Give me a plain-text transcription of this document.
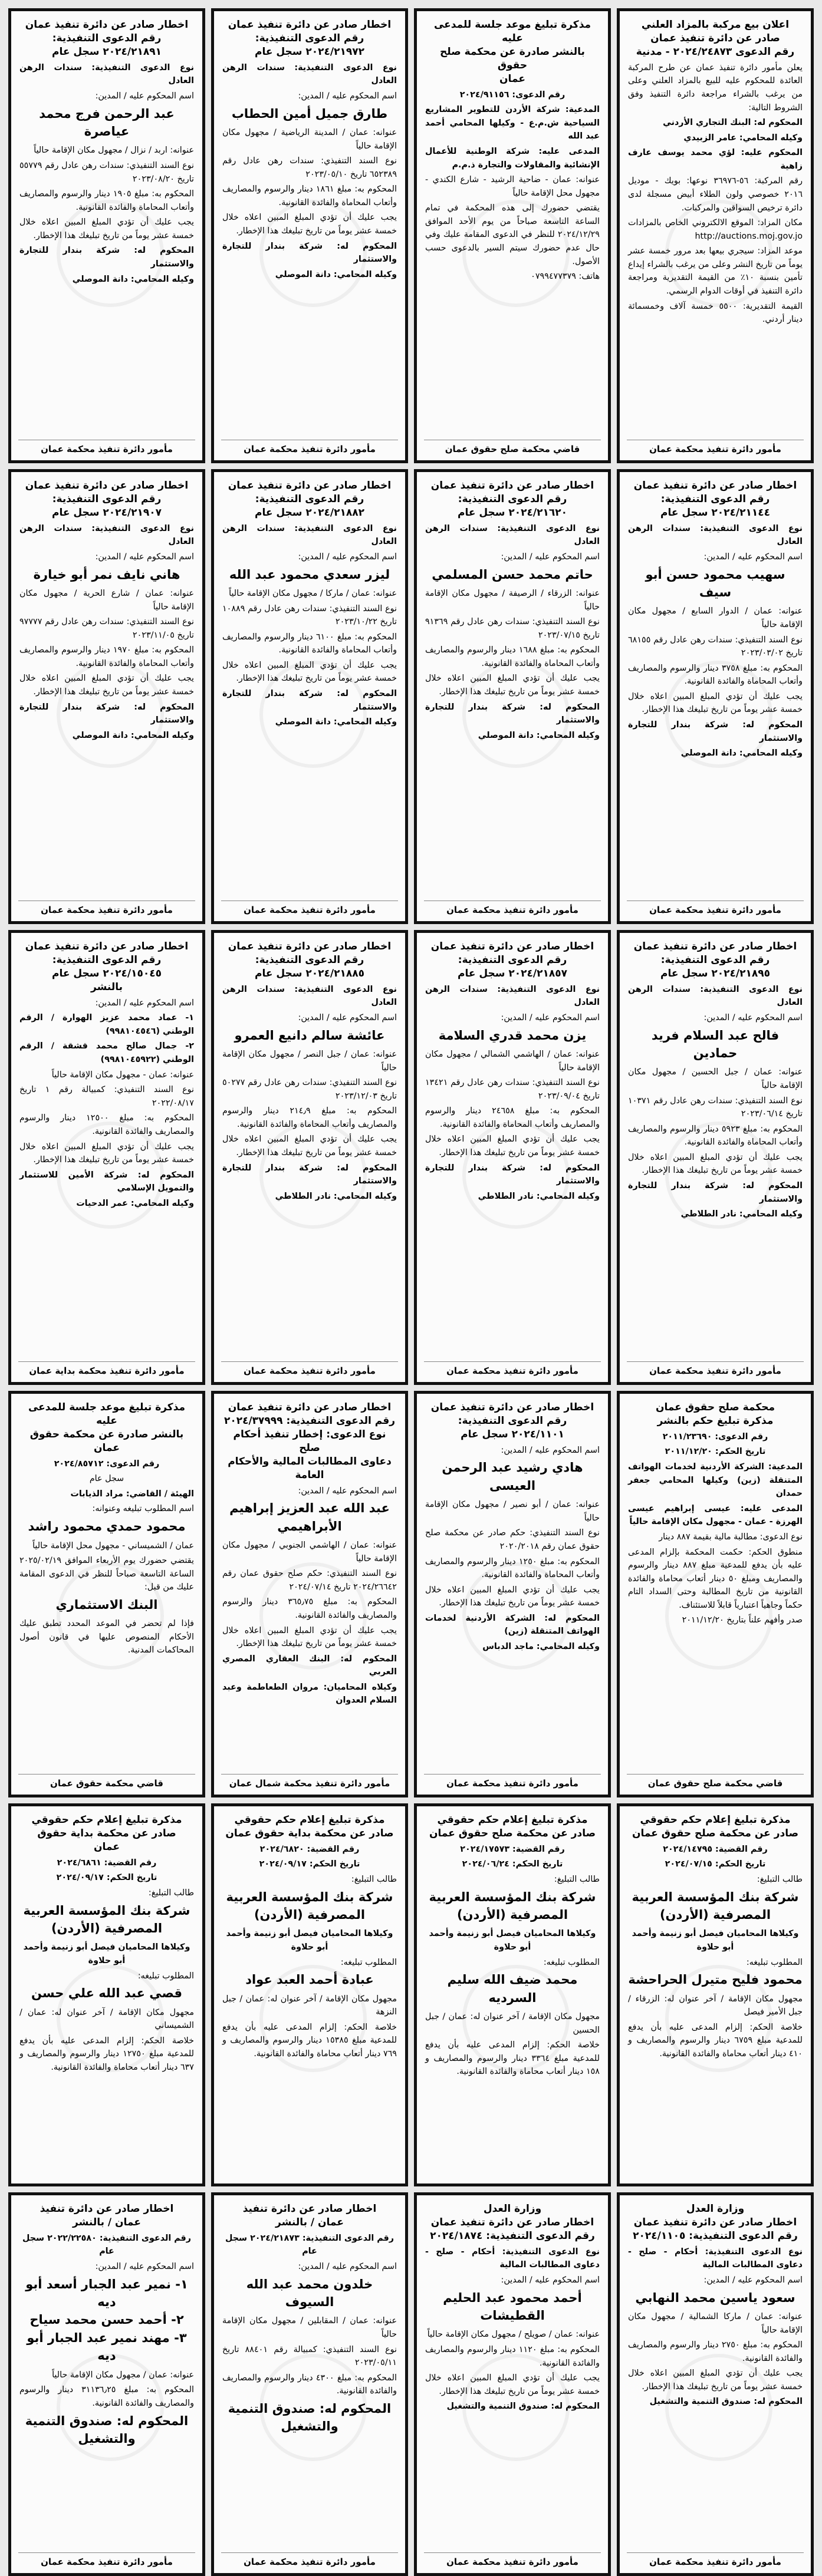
اعلان بيع مركبة بالمزاد العلني
صادر عن دائرة تنفيذ عمان
رقم الدعوى ٢٠٢٤/٢٤٨٧٣ - مدنية
يعلن مأمور دائرة تنفيذ عمان عن طرح المركبة العائدة للمحكوم عليه للبيع بالمزاد العلني وعلى من يرغب بالشراء مراجعة دائرة التنفيذ وفق الشروط التالية:
المحكوم له: البنك التجاري الأردني
وكيله المحامي: عامر الزبيدي
المحكوم عليه: لؤي محمد يوسف عارف زاهية
رقم المركبة: ٥٦-٣٦٩٧٦ نوعها: بويك - موديل ٢٠١٦ خصوصي ولون الطلاء أبيض مسجلة لدى دائرة ترخيص السواقين والمركبات.
مكان المزاد: الموقع الالكتروني الخاص بالمزادات http://auctions.moj.gov.jo
موعد المزاد: سيجري بيعها بعد مرور خمسة عشر يوماً من تاريخ النشر وعلى من يرغب بالشراء إيداع تأمين بنسبة ١٠٪ من القيمة التقديرية ومراجعة دائرة التنفيذ في أوقات الدوام الرسمي.
القيمة التقديرية: ٥٥٠٠ خمسة آلاف وخمسمائة دينار أردني.
مأمور دائرة تنفيذ محكمة عمان
مذكرة تبليغ موعد جلسة للمدعى عليه
بالنشر صادرة عن محكمة صلح حقوق
عمان
رقم الدعوى: ٢٠٢٤/٩١١٥٦
المدعية: شركة الأردن للتطوير المشاريع السياحية ش.م.ع - وكيلها المحامي أحمد عبد الله
المدعى عليه: شركة الوطنية للأعمال الإنشائية والمقاولات والتجارة ذ.م.م
عنوانه: عمان - ضاحية الرشيد - شارع الكندي - مجهول محل الإقامة حالياً
يقتضي حضورك إلى هذه المحكمة في تمام الساعة التاسعة صباحاً من يوم الأحد الموافق ٢٠٢٤/١٢/٢٩ للنظر في الدعوى المقامة عليك وفي حال عدم حضورك سيتم السير بالدعوى حسب الأصول.
هاتف: ٠٧٩٩٤٧٧٣٧٩
قاضي محكمة صلح حقوق عمان
اخطار صادر عن دائرة تنفيذ عمان
رقم الدعوى التنفيذية:
٢٠٢٤/٢١٩٧٢ سجل عام
نوع الدعوى التنفيذية: سندات الرهن العادل
اسم المحكوم عليه / المدين:
طارق جميل أمين الحطاب
عنوانه: عمان / المدينة الرياضية / مجهول مكان الإقامة حالياً
نوع السند التنفيذي: سندات رهن عادل رقم ٦٥٢٣٨٩ تاريخ ٢٠٢٣/٠٥/١٠
المحكوم به: مبلغ ١٨٦١ دينار والرسوم والمصاريف وأتعاب المحاماة والفائدة القانونية.
يجب عليك أن تؤدي المبلغ المبين اعلاه خلال خمسة عشر يوماً من تاريخ تبليغك هذا الإخطار.
المحكوم له: شركة بندار للتجارة والاستثمار
وكيله المحامي: دانة الموصلي
مأمور دائرة تنفيذ محكمة عمان
اخطار صادر عن دائرة تنفيذ عمان
رقم الدعوى التنفيذية:
٢٠٢٤/٢١٨٩١ سجل عام
نوع الدعوى التنفيذية: سندات الرهن العادل
اسم المحكوم عليه / المدين:
عبد الرحمن فرج محمد عياصرة
عنوانه: اربد / نزال / مجهول مكان الإقامة حالياً
نوع السند التنفيذي: سندات رهن عادل رقم ٥٥٧٧٩ تاريخ ٢٠٢٣/٠٨/٢٠
المحكوم به: مبلغ ١٩٠٥ دينار والرسوم والمصاريف وأتعاب المحاماة والفائدة القانونية.
يجب عليك أن تؤدي المبلغ المبين اعلاه خلال خمسة عشر يوماً من تاريخ تبليغك هذا الإخطار.
المحكوم له: شركة بندار للتجارة والاستثمار
وكيله المحامي: دانة الموصلي
مأمور دائرة تنفيذ محكمة عمان
اخطار صادر عن دائرة تنفيذ عمان
رقم الدعوى التنفيذية:
٢٠٢٤/٢١١٤٤ سجل عام
نوع الدعوى التنفيذية: سندات الرهن العادل
اسم المحكوم عليه / المدين:
سهيب محمود حسن أبو سيف
عنوانه: عمان / الدوار السابع / مجهول مكان الإقامة حالياً
نوع السند التنفيذي: سندات رهن عادل رقم ٦٨١٥٥ تاريخ ٢٠٢٣/٠٣/٠٢
المحكوم به: مبلغ ٣٧٥٨ دينار والرسوم والمصاريف وأتعاب المحاماة والفائدة القانونية.
يجب عليك أن تؤدي المبلغ المبين اعلاه خلال خمسة عشر يوماً من تاريخ تبليغك هذا الإخطار.
المحكوم له: شركة بندار للتجارة والاستثمار
وكيله المحامي: دانة الموصلي
مأمور دائرة تنفيذ محكمة عمان
اخطار صادر عن دائرة تنفيذ عمان
رقم الدعوى التنفيذية:
٢٠٢٤/٢١٦٢٠ سجل عام
نوع الدعوى التنفيذية: سندات الرهن العادل
اسم المحكوم عليه / المدين:
حاتم محمد حسن المسلمي
عنوانه: الزرقاء / الرصيفة / مجهول مكان الإقامة حالياً
نوع السند التنفيذي: سندات رهن عادل رقم ٩١٣٦٩ تاريخ ٢٠٢٣/٠٧/١٥
المحكوم به: مبلغ ١٦٨٨ دينار والرسوم والمصاريف وأتعاب المحاماة والفائدة القانونية.
يجب عليك أن تؤدي المبلغ المبين اعلاه خلال خمسة عشر يوماً من تاريخ تبليغك هذا الإخطار.
المحكوم له: شركة بندار للتجارة والاستثمار
وكيله المحامي: دانة الموصلي
مأمور دائرة تنفيذ محكمة عمان
اخطار صادر عن دائرة تنفيذ عمان
رقم الدعوى التنفيذية:
٢٠٢٤/٢١٨٨٢ سجل عام
نوع الدعوى التنفيذية: سندات الرهن العادل
اسم المحكوم عليه / المدين:
ليزر سعدي محمود عبد الله
عنوانه: عمان / ماركا / مجهول مكان الإقامة حالياً
نوع السند التنفيذي: سندات رهن عادل رقم ١٠٨٨٩ تاريخ ٢٠٢٣/١٠/٢٢
المحكوم به: مبلغ ٦١٠٠ دينار والرسوم والمصاريف وأتعاب المحاماة والفائدة القانونية.
يجب عليك أن تؤدي المبلغ المبين اعلاه خلال خمسة عشر يوماً من تاريخ تبليغك هذا الإخطار.
المحكوم له: شركة بندار للتجارة والاستثمار
وكيله المحامي: دانة الموصلي
مأمور دائرة تنفيذ محكمة عمان
اخطار صادر عن دائرة تنفيذ عمان
رقم الدعوى التنفيذية:
٢٠٢٤/٢١٩٠٧ سجل عام
نوع الدعوى التنفيذية: سندات الرهن العادل
اسم المحكوم عليه / المدين:
هاني نايف نمر أبو خيارة
عنوانه: عمان / شارع الحرية / مجهول مكان الإقامة حالياً
نوع السند التنفيذي: سندات رهن عادل رقم ٩٧٧٧٧ تاريخ ٢٠٢٣/١١/٠٥
المحكوم به: مبلغ ١٩٧٠ دينار والرسوم والمصاريف وأتعاب المحاماة والفائدة القانونية.
يجب عليك أن تؤدي المبلغ المبين اعلاه خلال خمسة عشر يوماً من تاريخ تبليغك هذا الإخطار.
المحكوم له: شركة بندار للتجارة والاستثمار
وكيله المحامي: دانة الموصلي
مأمور دائرة تنفيذ محكمة عمان
اخطار صادر عن دائرة تنفيذ عمان
رقم الدعوى التنفيذية:
٢٠٢٤/٢١٨٩٥ سجل عام
نوع الدعوى التنفيذية: سندات الرهن العادل
اسم المحكوم عليه / المدين:
فالح عبد السلام فريد حمادين
عنوانه: عمان / جبل الحسين / مجهول مكان الإقامة حالياً
نوع السند التنفيذي: سندات رهن عادل رقم ١٠٣٧١ تاريخ ٢٠٢٣/٠٦/١٤
المحكوم به: مبلغ ٥٩٢٣ دينار والرسوم والمصاريف وأتعاب المحاماة والفائدة القانونية.
يجب عليك أن تؤدي المبلغ المبين اعلاه خلال خمسة عشر يوماً من تاريخ تبليغك هذا الإخطار.
المحكوم له: شركة بندار للتجارة والاستثمار
وكيله المحامي: نادر الطلاطي
مأمور دائرة تنفيذ محكمة عمان
اخطار صادر عن دائرة تنفيذ عمان
رقم الدعوى التنفيذية:
٢٠٢٤/٢١٨٥٧ سجل عام
نوع الدعوى التنفيذية: سندات الرهن العادل
اسم المحكوم عليه / المدين:
يزن محمد قدري السلامة
عنوانه: عمان / الهاشمي الشمالي / مجهول مكان الإقامة حالياً
نوع السند التنفيذي: سندات رهن عادل رقم ١٣٤٢١ تاريخ ٢٠٢٣/٠٩/٠٤
المحكوم به: مبلغ ٢٤٦٥٨ دينار والرسوم والمصاريف وأتعاب المحاماة والفائدة القانونية.
يجب عليك أن تؤدي المبلغ المبين اعلاه خلال خمسة عشر يوماً من تاريخ تبليغك هذا الإخطار.
المحكوم له: شركة بندار للتجارة والاستثمار
وكيله المحامي: نادر الطلاطي
مأمور دائرة تنفيذ محكمة عمان
اخطار صادر عن دائرة تنفيذ عمان
رقم الدعوى التنفيذية:
٢٠٢٤/٢١٨٨٥ سجل عام
نوع الدعوى التنفيذية: سندات الرهن العادل
اسم المحكوم عليه / المدين:
عائشة سالم دانيع العمرو
عنوانه: عمان / جبل النصر / مجهول مكان الإقامة حالياً
نوع السند التنفيذي: سندات رهن عادل رقم ٥٠٢٧٧ تاريخ ٢٠٢٣/١٢/٠٣
المحكوم به: مبلغ ٢١٤٫٩ دينار والرسوم والمصاريف وأتعاب المحاماة والفائدة القانونية.
يجب عليك أن تؤدي المبلغ المبين اعلاه خلال خمسة عشر يوماً من تاريخ تبليغك هذا الإخطار.
المحكوم له: شركة بندار للتجارة والاستثمار
وكيله المحامي: نادر الطلاطي
مأمور دائرة تنفيذ محكمة عمان
اخطار صادر عن دائرة تنفيذ عمان
رقم الدعوى التنفيذية:
٢٠٢٤/١٥٠٤٥ سجل عام
بالنشر
اسم المحكوم عليه / المدين:
١- عماد محمد عزيز الهوارة / الرقم الوطني (٩٩٨١٠٤٥٤٦)
٢- جمال صالح محمد قشقة / الرقم الوطني (٩٩٨١٠٤٥٩٢٢)
عنوانه: عمان - مجهول مكان الإقامة حالياً
نوع السند التنفيذي: كمبيالة رقم ١ تاريخ ٢٠٢٢/٠٨/١٧
المحكوم به: مبلغ ١٢٥٠٠ دينار والرسوم والمصاريف والفائدة القانونية.
يجب عليك أن تؤدي المبلغ المبين اعلاه خلال خمسة عشر يوماً من تاريخ تبليغك هذا الإخطار.
المحكوم له: شركة الأمين للاستثمار والتمويل الإسلامي
وكيله المحامي: عمر الدحيات
مأمور دائرة تنفيذ محكمة بداية عمان
محكمة صلح حقوق عمان
مذكرة تبليغ حكم بالنشر
رقم الدعوى: ٢٠١١/٢٣٦٩٠
تاريخ الحكم: ٢٠١١/١٢/٢٠
المدعية: الشركة الأردنية لخدمات الهواتف المتنقلة (زين) وكيلها المحامي جعفر حمدان
المدعى عليه: عيسى إبراهيم عيسى الهرزة - عمان - مجهول مكان الإقامة حالياً
نوع الدعوى: مطالبة مالية بقيمة ٨٨٧ دينار
منطوق الحكم: حكمت المحكمة بإلزام المدعى عليه بأن يدفع للمدعية مبلغ ٨٨٧ دينار والرسوم والمصاريف ومبلغ ٥٠ دينار أتعاب محاماة والفائدة القانونية من تاريخ المطالبة وحتى السداد التام حكماً وجاهياً اعتبارياً قابلاً للاستئناف.
صدر وأفهم علناً بتاريخ ٢٠١١/١٢/٢٠
قاضي محكمة صلح حقوق عمان
اخطار صادر عن دائرة تنفيذ عمان
رقم الدعوى التنفيذية:
٢٠٢٤/١١٠١ سجل عام
اسم المحكوم عليه / المدين:
هادي رشيد عبد الرحمن العيسى
عنوانه: عمان / أبو نصير / مجهول مكان الإقامة حالياً
نوع السند التنفيذي: حكم صادر عن محكمة صلح حقوق عمان رقم ٢٠٢٠/٢٠١٨
المحكوم به: مبلغ ١٢٥٠ دينار والرسوم والمصاريف وأتعاب المحاماة والفائدة القانونية.
يجب عليك أن تؤدي المبلغ المبين اعلاه خلال خمسة عشر يوماً من تاريخ تبليغك هذا الإخطار.
المحكوم له: الشركة الأردنية لخدمات الهواتف المتنقلة (زين)
وكيله المحامي: ماجد الدباس
مأمور دائرة تنفيذ محكمة عمان
اخطار صادر عن دائرة تنفيذ عمان
رقم الدعوى التنفيذية: ٢٠٢٤/٣٧٩٩٩
نوع الدعوى: إخطار تنفيذ أحكام صلح
دعاوى المطالبات المالية والأحكام العامة
اسم المحكوم عليه / المدين:
عبد الله عبد العزيز إبراهيم الأبراهيمي
عنوانه: عمان / الهاشمي الجنوبي / مجهول مكان الإقامة حالياً
نوع السند التنفيذي: حكم صلح حقوق عمان رقم ٢٠٢٤/٢٦٦٤٢ تاريخ ٢٠٢٤/٠٧/١٤
المحكوم به: مبلغ ٣٦٥٫٧٥ دينار والرسوم والمصاريف والفائدة القانونية.
يجب عليك أن تؤدي المبلغ المبين اعلاه خلال خمسة عشر يوماً من تاريخ تبليغك هذا الإخطار.
المحكوم له: البنك العقاري المصري العربي
وكيلاه المحاميان: مروان الطعاطمة وعبد السلام العدوان
مأمور دائرة تنفيذ محكمة شمال عمان
مذكرة تبليغ موعد جلسة للمدعى عليه
بالنشر صادرة عن محكمة حقوق عمان
رقم الدعوى: ٢٠٢٤/٨٥٧١٢
سجل عام
الهيئة / القاضي: مراد الذيابات
اسم المطلوب تبليغه وعنوانه:
محمود حمدي محمود راشد
عمان / الشميساني - مجهول محل الإقامة حالياً
يقتضي حضورك يوم الأربعاء الموافق ٢٠٢٥/٠٢/١٩ الساعة التاسعة صباحاً للنظر في الدعوى المقامة عليك من قبل:
البنك الاستثماري
فإذا لم تحضر في الموعد المحدد تطبق عليك الأحكام المنصوص عليها في قانون أصول المحاكمات المدنية.
قاضي محكمة حقوق عمان
مذكرة تبليغ إعلام حكم حقوقي
صادر عن محكمة صلح حقوق عمان
رقم القضية: ٢٠٢٤/١٤٧٩٥
تاريخ الحكم: ٢٠٢٤/٠٧/١٥
طالب التبليغ:
شركة بنك المؤسسة العربية المصرفية (الأردن)
وكيلاها المحاميان فيصل أبو زنيمة وأحمد أبو حلاوة
المطلوب تبليغه:
محمود فليح متيرل الحراحشة
مجهول مكان الإقامة / آخر عنوان له: الزرقاء / جبل الأمير فيصل
خلاصة الحكم: إلزام المدعى عليه بأن يدفع للمدعية مبلغ ٦٧٥٩ دينار والرسوم والمصاريف و ٤١٠ دينار أتعاب محاماة والفائدة القانونية.
مذكرة تبليغ إعلام حكم حقوقي
صادر عن محكمة صلح حقوق عمان
رقم القضية: ٢٠٢٤/١٧٥٧٣
تاريخ الحكم: ٢٠٢٤/٠٦/٢٤
طالب التبليغ:
شركة بنك المؤسسة العربية المصرفية (الأردن)
وكيلاها المحاميان فيصل أبو زنيمة وأحمد أبو حلاوة
المطلوب تبليغه:
محمد ضيف الله سليم السرديه
مجهول مكان الإقامة / آخر عنوان له: عمان / جبل الحسين
خلاصة الحكم: إلزام المدعى عليه بأن يدفع للمدعية مبلغ ٣٣٦٤ دينار والرسوم والمصاريف و ١٥٨ دينار أتعاب محاماة والفائدة القانونية.
مذكرة تبليغ إعلام حكم حقوقي
صادر عن محكمة بداية حقوق عمان
رقم القضية: ٢٠٢٤/٦٨٢٠
تاريخ الحكم: ٢٠٢٤/٠٩/١٧
طالب التبليغ:
شركة بنك المؤسسة العربية المصرفية (الأردن)
وكيلاها المحاميان فيصل أبو زنيمة وأحمد أبو حلاوة
المطلوب تبليغه:
عبادة أحمد العبد عواد
مجهول مكان الإقامة / آخر عنوان له: عمان / جبل النزهة
خلاصة الحكم: إلزام المدعى عليه بأن يدفع للمدعية مبلغ ١٥٣٨٥ دينار والرسوم والمصاريف و ٧٦٩ دينار أتعاب محاماة والفائدة القانونية.
مذكرة تبليغ إعلام حكم حقوقي
صادر عن محكمة بداية حقوق
عمان
رقم القضية: ٢٠٢٤/٦٨٦١
تاريخ الحكم: ٢٠٢٤/٠٩/١٧
طالب التبليغ:
شركة بنك المؤسسة العربية المصرفية (الأردن)
وكيلاها المحاميان فيصل أبو زنيمة وأحمد أبو حلاوة
المطلوب تبليغه:
قصي عبد الله علي حسن
مجهول مكان الإقامة / آخر عنوان له: عمان / الشميساني
خلاصة الحكم: إلزام المدعى عليه بأن يدفع للمدعية مبلغ ١٢٧٥٠ دينار والرسوم والمصاريف و ٦٣٧ دينار أتعاب محاماة والفائدة القانونية.
وزارة العدل
اخطار صادر عن دائرة تنفيذ عمان
رقم الدعوى التنفيذية: ٢٠٢٤/١١٠٥
نوع الدعوى التنفيذية: أحكام - صلح - دعاوى المطالبات المالية
اسم المحكوم عليه / المدين:
سعود ياسين محمد النهابي
عنوانه: عمان / ماركا الشمالية / مجهول مكان الإقامة حالياً
المحكوم به: مبلغ ٢٧٥٠ دينار والرسوم والمصاريف والفائدة القانونية.
يجب عليك أن تؤدي المبلغ المبين اعلاه خلال خمسة عشر يوماً من تاريخ تبليغك هذا الإخطار.
المحكوم له: صندوق التنمية والتشغيل
مأمور دائرة تنفيذ محكمة عمان
وزارة العدل
اخطار صادر عن دائرة تنفيذ عمان
رقم الدعوى التنفيذية: ٢٠٢٤/١٨٧٤
نوع الدعوى التنفيذية: أحكام - صلح - دعاوى المطالبات المالية
اسم المحكوم عليه / المدين:
أحمد محمود عبد الحليم القطيشات
عنوانه: عمان / صويلح / مجهول مكان الإقامة حالياً
المحكوم به: مبلغ ١١٢٠ دينار والرسوم والمصاريف والفائدة القانونية.
يجب عليك أن تؤدي المبلغ المبين اعلاه خلال خمسة عشر يوماً من تاريخ تبليغك هذا الإخطار.
المحكوم له: صندوق التنمية والتشغيل
مأمور دائرة تنفيذ محكمة عمان
اخطار صادر عن دائرة تنفيذ
عمان / بالنشر
رقم الدعوى التنفيذية: ٢٠٢٤/٢١٨٧٣ سجل عام
اسم المحكوم عليه / المدين:
خلدون محمد عبد الله السيوف
عنوانه: عمان / المقابلين / مجهول مكان الإقامة حالياً
نوع السند التنفيذي: كمبيالة رقم ٨٨٤٠١ تاريخ ٢٠٢٣/٠٥/١١
المحكوم به: مبلغ ٤٣٠٠ دينار والرسوم والمصاريف والفائدة القانونية.
المحكوم له: صندوق التنمية والتشغيل
مأمور دائرة تنفيذ محكمة عمان
اخطار صادر عن دائرة تنفيذ
عمان / بالنشر
رقم الدعوى التنفيذية: ٢٠٢٢/٢٢٥٨٠ سجل عام
اسم المحكوم عليه / المدين:
١- نمير عبد الجبار أسعد أبو ديه
٢- أحمد حسن محمد سياح
٣- مهند نمير عبد الجبار أبو ديه
عنوانه: عمان / مجهول مكان الإقامة حالياً
المحكوم به: مبلغ ٣١١٣٦٫٢٥ دينار والرسوم والمصاريف والفائدة القانونية.
المحكوم له: صندوق التنمية والتشغيل
مأمور دائرة تنفيذ محكمة عمان
